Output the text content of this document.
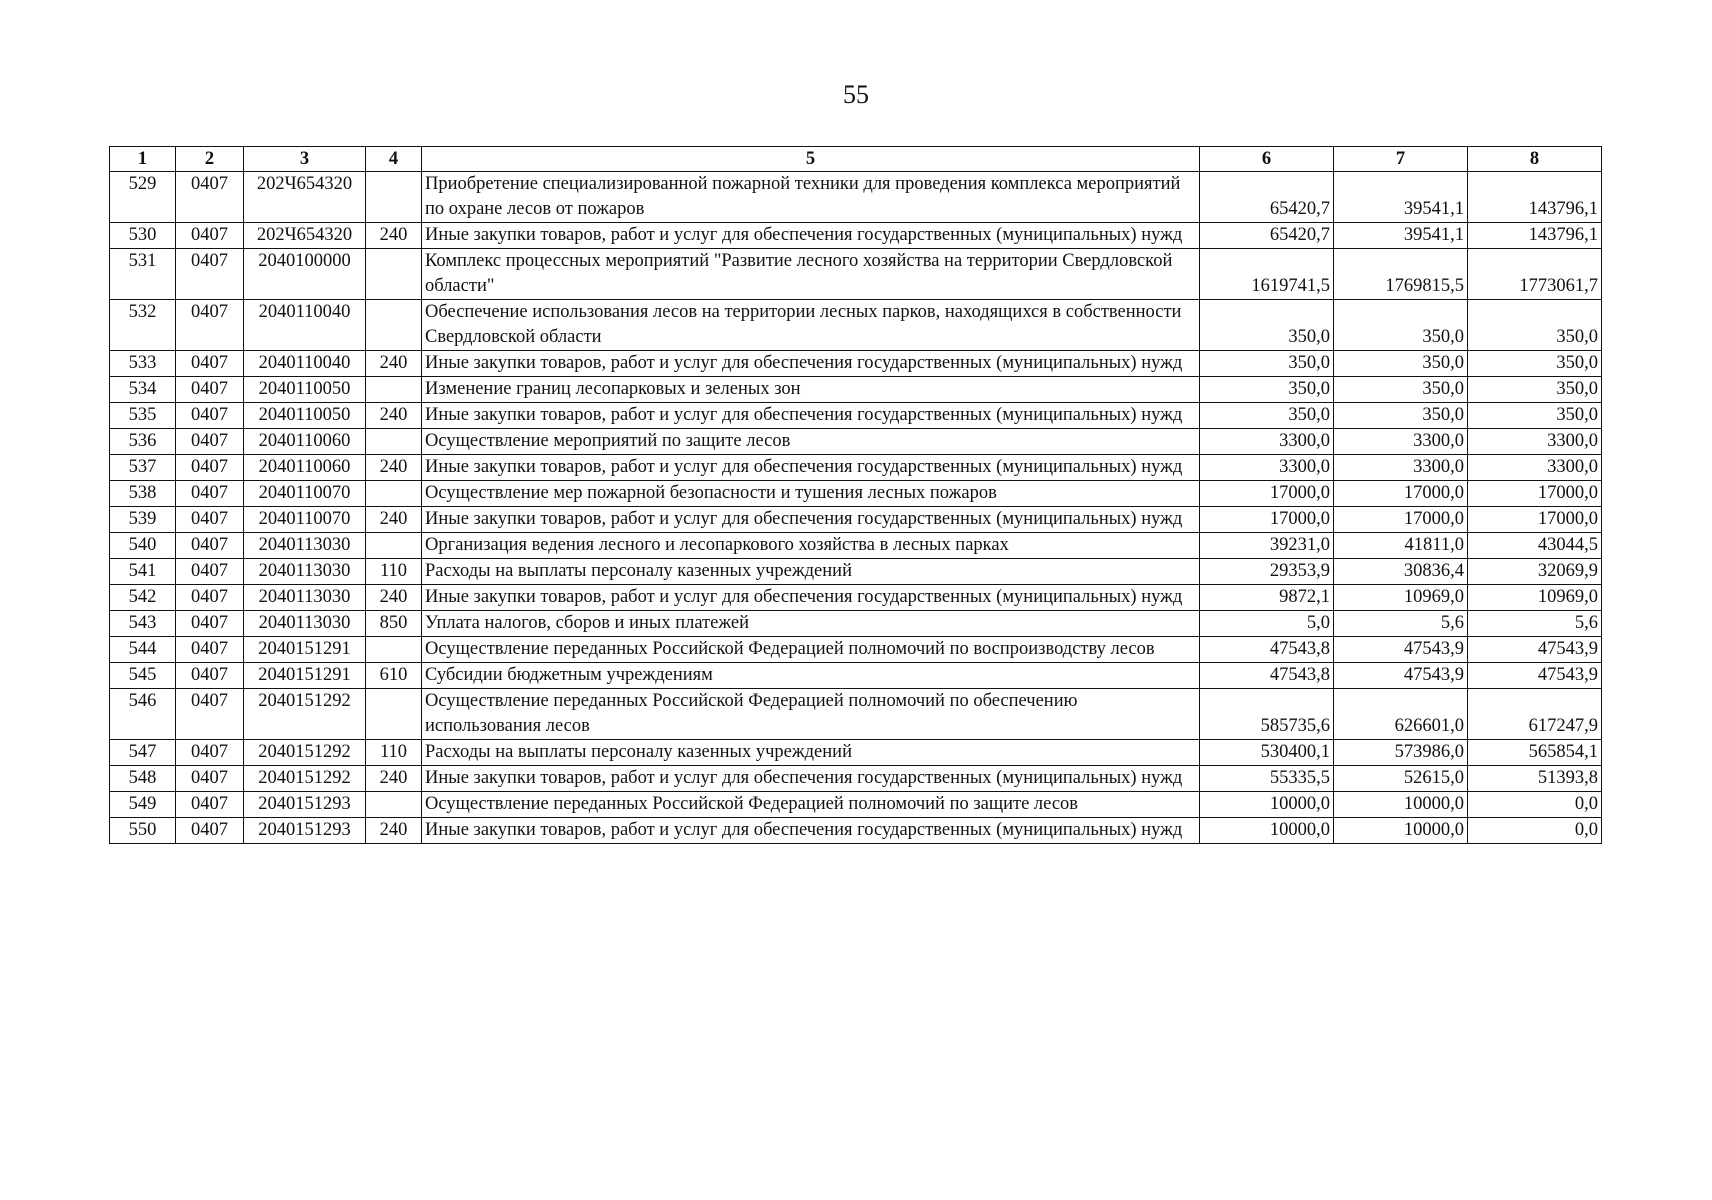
55
1	2	3	4	5	6	7	8
529	0407	202Ч654320		Приобретение специализированной пожарной техники для проведения комплекса мероприятий по охране лесов от пожаров	65420,7	39541,1	143796,1
530	0407	202Ч654320	240	Иные закупки товаров, работ и услуг для обеспечения государственных (муниципальных) нужд	65420,7	39541,1	143796,1
531	0407	2040100000		Комплекс процессных мероприятий "Развитие лесного хозяйства на территории Свердловской области"	1619741,5	1769815,5	1773061,7
532	0407	2040110040		Обеспечение использования лесов на территории лесных парков, находящихся в собственности Свердловской области	350,0	350,0	350,0
533	0407	2040110040	240	Иные закупки товаров, работ и услуг для обеспечения государственных (муниципальных) нужд	350,0	350,0	350,0
534	0407	2040110050		Изменение границ лесопарковых и зеленых зон	350,0	350,0	350,0
535	0407	2040110050	240	Иные закупки товаров, работ и услуг для обеспечения государственных (муниципальных) нужд	350,0	350,0	350,0
536	0407	2040110060		Осуществление мероприятий по защите лесов	3300,0	3300,0	3300,0
537	0407	2040110060	240	Иные закупки товаров, работ и услуг для обеспечения государственных (муниципальных) нужд	3300,0	3300,0	3300,0
538	0407	2040110070		Осуществление мер пожарной безопасности и тушения лесных пожаров	17000,0	17000,0	17000,0
539	0407	2040110070	240	Иные закупки товаров, работ и услуг для обеспечения государственных (муниципальных) нужд	17000,0	17000,0	17000,0
540	0407	2040113030		Организация ведения лесного и лесопаркового хозяйства в лесных парках	39231,0	41811,0	43044,5
541	0407	2040113030	110	Расходы на выплаты персоналу казенных учреждений	29353,9	30836,4	32069,9
542	0407	2040113030	240	Иные закупки товаров, работ и услуг для обеспечения государственных (муниципальных) нужд	9872,1	10969,0	10969,0
543	0407	2040113030	850	Уплата налогов, сборов и иных платежей	5,0	5,6	5,6
544	0407	2040151291		Осуществление переданных Российской Федерацией полномочий по воспроизводству лесов	47543,8	47543,9	47543,9
545	0407	2040151291	610	Субсидии бюджетным учреждениям	47543,8	47543,9	47543,9
546	0407	2040151292		Осуществление переданных Российской Федерацией полномочий по обеспечению использования лесов	585735,6	626601,0	617247,9
547	0407	2040151292	110	Расходы на выплаты персоналу казенных учреждений	530400,1	573986,0	565854,1
548	0407	2040151292	240	Иные закупки товаров, работ и услуг для обеспечения государственных (муниципальных) нужд	55335,5	52615,0	51393,8
549	0407	2040151293		Осуществление переданных Российской Федерацией полномочий по защите лесов	10000,0	10000,0	0,0
550	0407	2040151293	240	Иные закупки товаров, работ и услуг для обеспечения государственных (муниципальных) нужд	10000,0	10000,0	0,0
